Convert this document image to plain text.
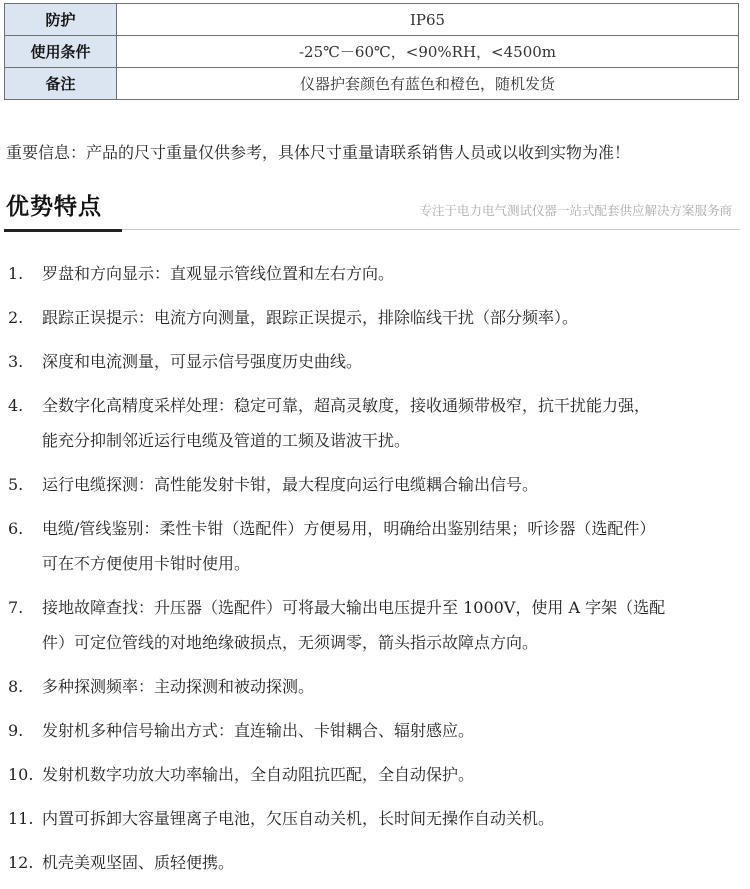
防护	IP65
使用条件	-25℃－60℃，<90%RH，<4500m
备注	仪器护套颜色有蓝色和橙色，随机发货
重要信息：产品的尺寸重量仅供参考，具体尺寸重量请联系销售人员或以收到实物为准！
优势特点	专注于电力电气测试仪器一站式配套供应解决方案服务商
1. 罗盘和方向显示：直观显示管线位置和左右方向。
2. 跟踪正误提示：电流方向测量，跟踪正误提示，排除临线干扰（部分频率）。
3. 深度和电流测量，可显示信号强度历史曲线。
4. 全数字化高精度采样处理：稳定可靠，超高灵敏度，接收通频带极窄，抗干扰能力强，
能充分抑制邻近运行电缆及管道的工频及谐波干扰。
5. 运行电缆探测：高性能发射卡钳，最大程度向运行电缆耦合输出信号。
6. 电缆/管线鉴别：柔性卡钳（选配件）方便易用，明确给出鉴别结果；听诊器（选配件）
可在不方便使用卡钳时使用。
7. 接地故障查找：升压器（选配件）可将最大输出电压提升至 1000V，使用 A 字架（选配
件）可定位管线的对地绝缘破损点，无须调零，箭头指示故障点方向。
8. 多种探测频率：主动探测和被动探测。
9. 发射机多种信号输出方式：直连输出、卡钳耦合、辐射感应。
10. 发射机数字功放大功率输出，全自动阻抗匹配，全自动保护。
11. 内置可拆卸大容量锂离子电池，欠压自动关机，长时间无操作自动关机。
12. 机壳美观坚固、质轻便携。
